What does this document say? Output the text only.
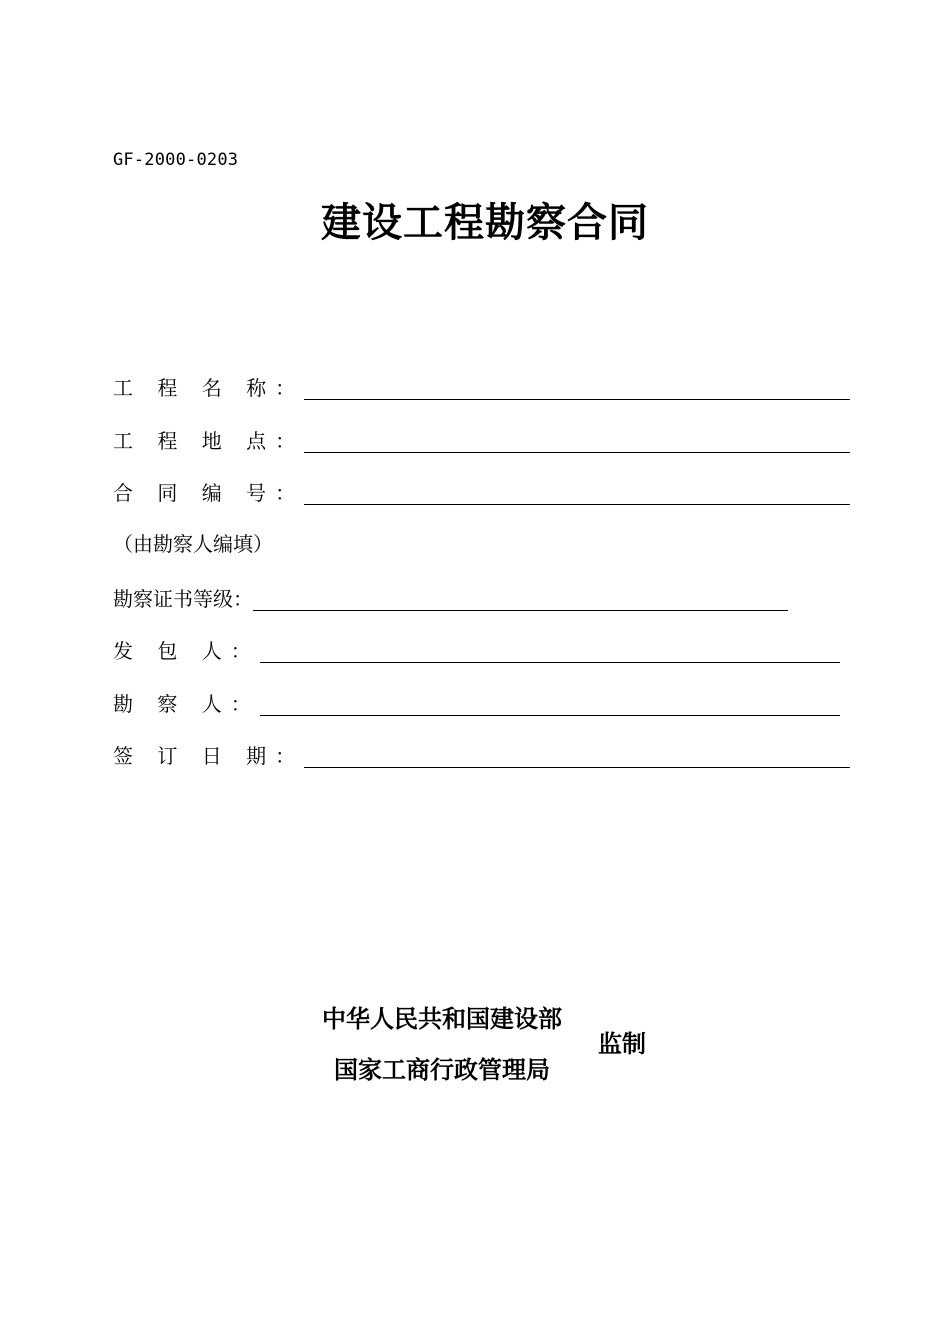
GF-2000-0203
建设工程勘察合同
工 程 名 称：
工 程 地 点：
合 同 编 号：
（由勘察人编填）
勘察证书等级：
发 包 人：
勘 察 人：
签 订 日 期：
中华人民共和国建设部
监制
国家工商行政管理局
